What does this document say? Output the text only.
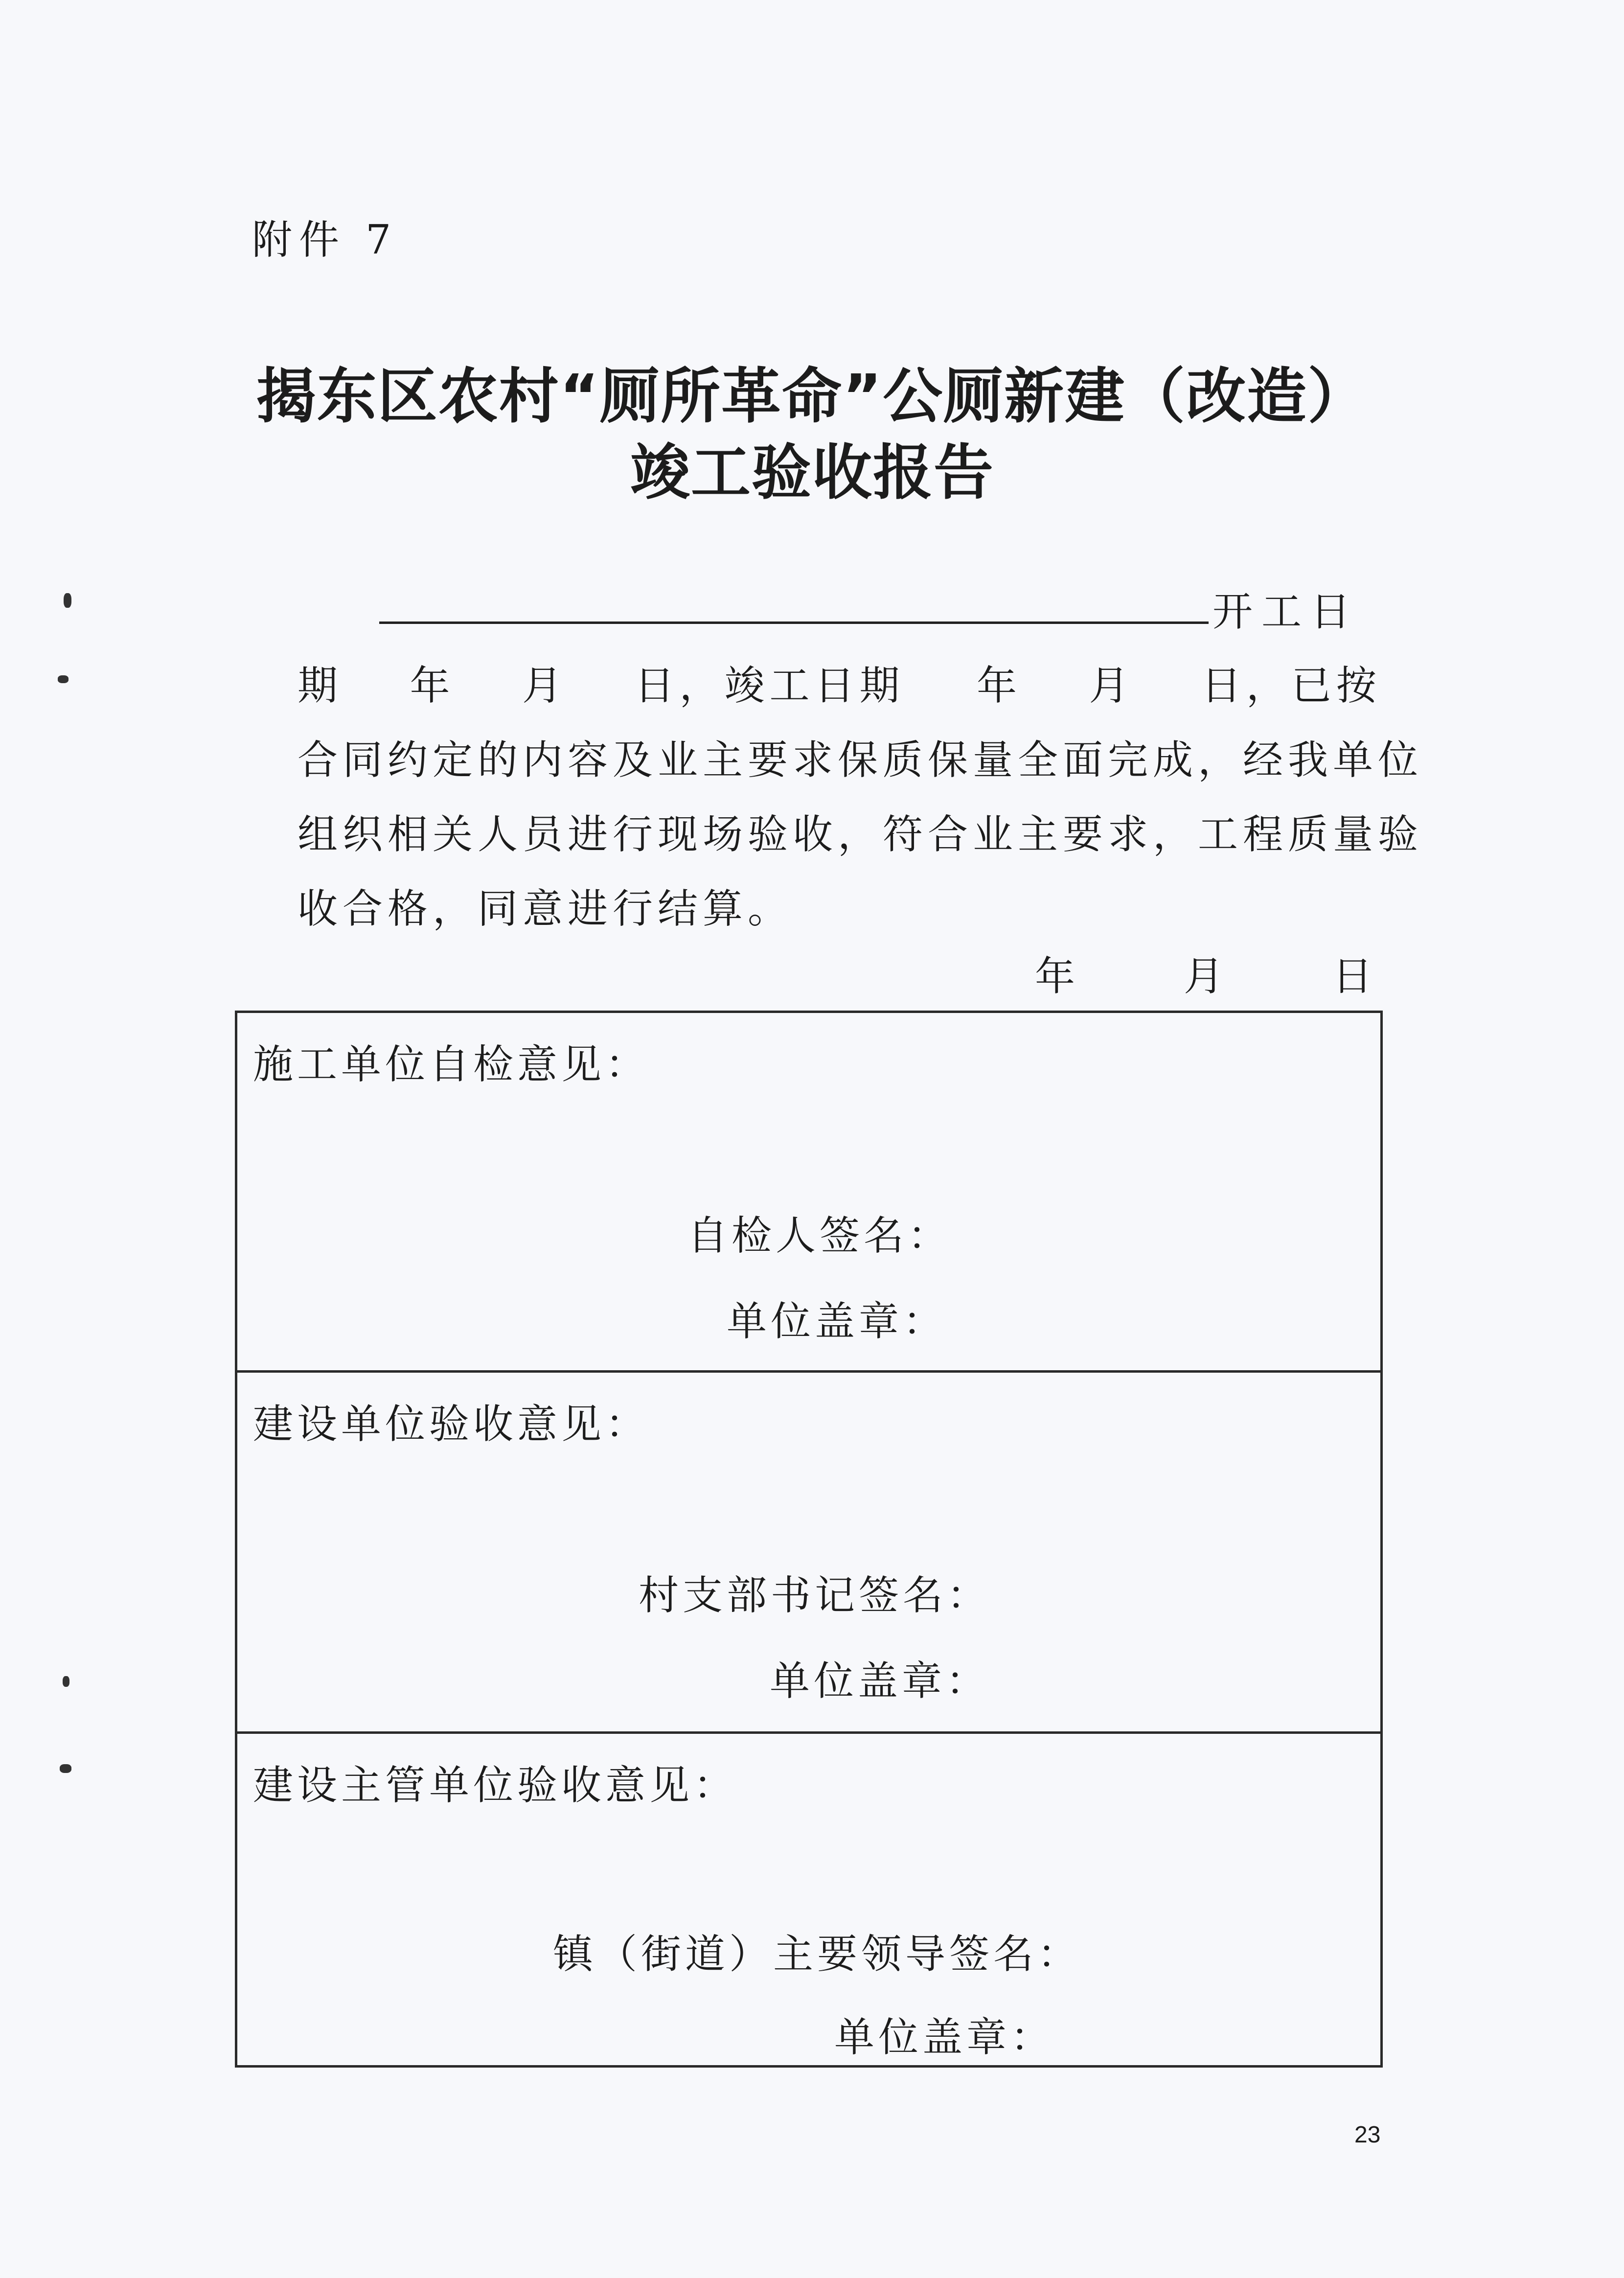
附件 7
揭东区农村“厕所革命”公厕新建（改造）
竣工验收报告
开工日
期 年 月 日，竣工日期 年 月 日，已按
合同约定的内容及业主要求保质保量全面完成，经我单位
组织相关人员进行现场验收，符合业主要求，工程质量验
收合格，同意进行结算。
年	月	日
施工单位自检意见：
自检人签名：
单位盖章：
建设单位验收意见：
村支部书记签名：
单位盖章：
建设主管单位验收意见：
镇（街道）主要领导签名：
单位盖章：
23
